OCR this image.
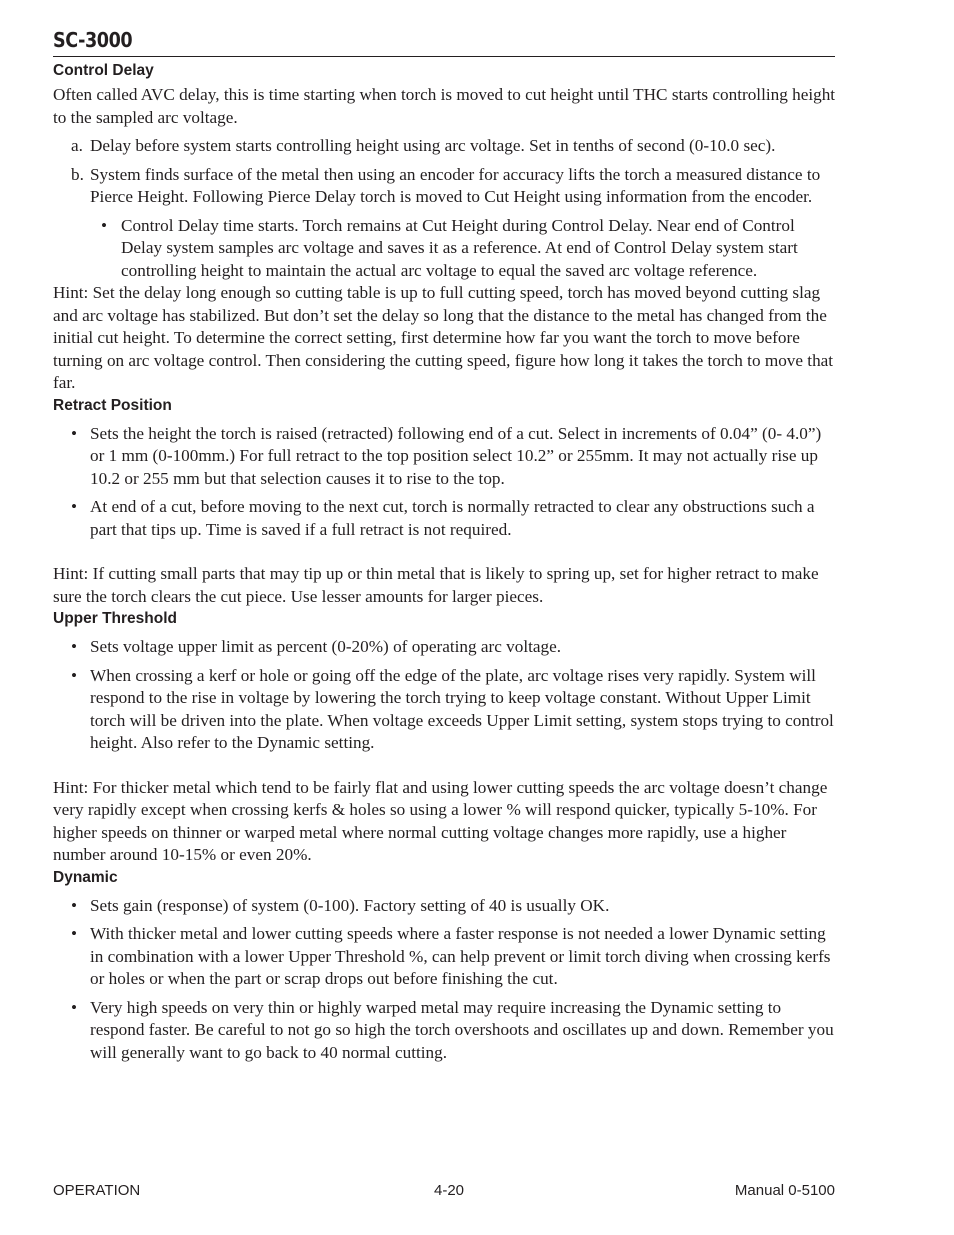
SC-3000
Control Delay

Often called AVC delay, this is time starting when torch is moved to cut height until THC starts controlling height to the sampled arc voltage.

a. Delay before system starts controlling height using arc voltage. Set in tenths of second (0-10.0 sec).
b. System finds surface of the metal then using an encoder for accuracy lifts the torch a measured distance to Pierce Height. Following Pierce Delay torch is moved to Cut Height using information from the encoder.
• Control Delay time starts. Torch remains at Cut Height during Control Delay. Near end of Control Delay system samples arc voltage and saves it as a reference. At end of Control Delay system start controlling height to maintain the actual arc voltage to equal the saved arc voltage reference.

Hint: Set the delay long enough so cutting table is up to full cutting speed, torch has moved beyond cutting slag and arc voltage has stabilized. But don’t set the delay so long that the distance to the metal has changed from the initial cut height. To determine the correct setting, first determine how far you want the torch to move before turning on arc voltage control. Then considering the cutting speed, figure how long it takes the torch to move that far.

Retract Position
• Sets the height the torch is raised (retracted) following end of a cut. Select in increments of 0.04” (0- 4.0”) or 1 mm (0-100mm.) For full retract to the top position select 10.2” or 255mm. It may not actually rise up 10.2 or 255 mm but that selection causes it to rise to the top.
• At end of a cut, before moving to the next cut, torch is normally retracted to clear any obstructions such a part that tips up. Time is saved if a full retract is not required.

Hint: If cutting small parts that may tip up or thin metal that is likely to spring up, set for higher retract to make sure the torch clears the cut piece. Use lesser amounts for larger pieces.

Upper Threshold
• Sets voltage upper limit as percent (0-20%) of operating arc voltage.
• When crossing a kerf or hole or going off the edge of the plate, arc voltage rises very rapidly. System will respond to the rise in voltage by lowering the torch trying to keep voltage constant. Without Upper Limit torch will be driven into the plate. When voltage exceeds Upper Limit setting, system stops trying to control height. Also refer to the Dynamic setting.

Hint: For thicker metal which tend to be fairly flat and using lower cutting speeds the arc voltage doesn’t change very rapidly except when crossing kerfs & holes so using a lower % will respond quicker, typically 5-10%. For higher speeds on thinner or warped metal where normal cutting voltage changes more rapidly, use a higher number around 10-15% or even 20%.

Dynamic
• Sets gain (response) of system (0-100). Factory setting of 40 is usually OK.
• With thicker metal and lower cutting speeds where a faster response is not needed a lower Dynamic setting in combination with a lower Upper Threshold %, can help prevent or limit torch diving when crossing kerfs or holes or when the part or scrap drops out before finishing the cut.
• Very high speeds on very thin or highly warped metal may require increasing the Dynamic setting to respond faster. Be careful to not go so high the torch overshoots and oscillates up and down. Remember you will generally want to go back to 40 normal cutting.
OPERATION	4-20	Manual 0-5100
